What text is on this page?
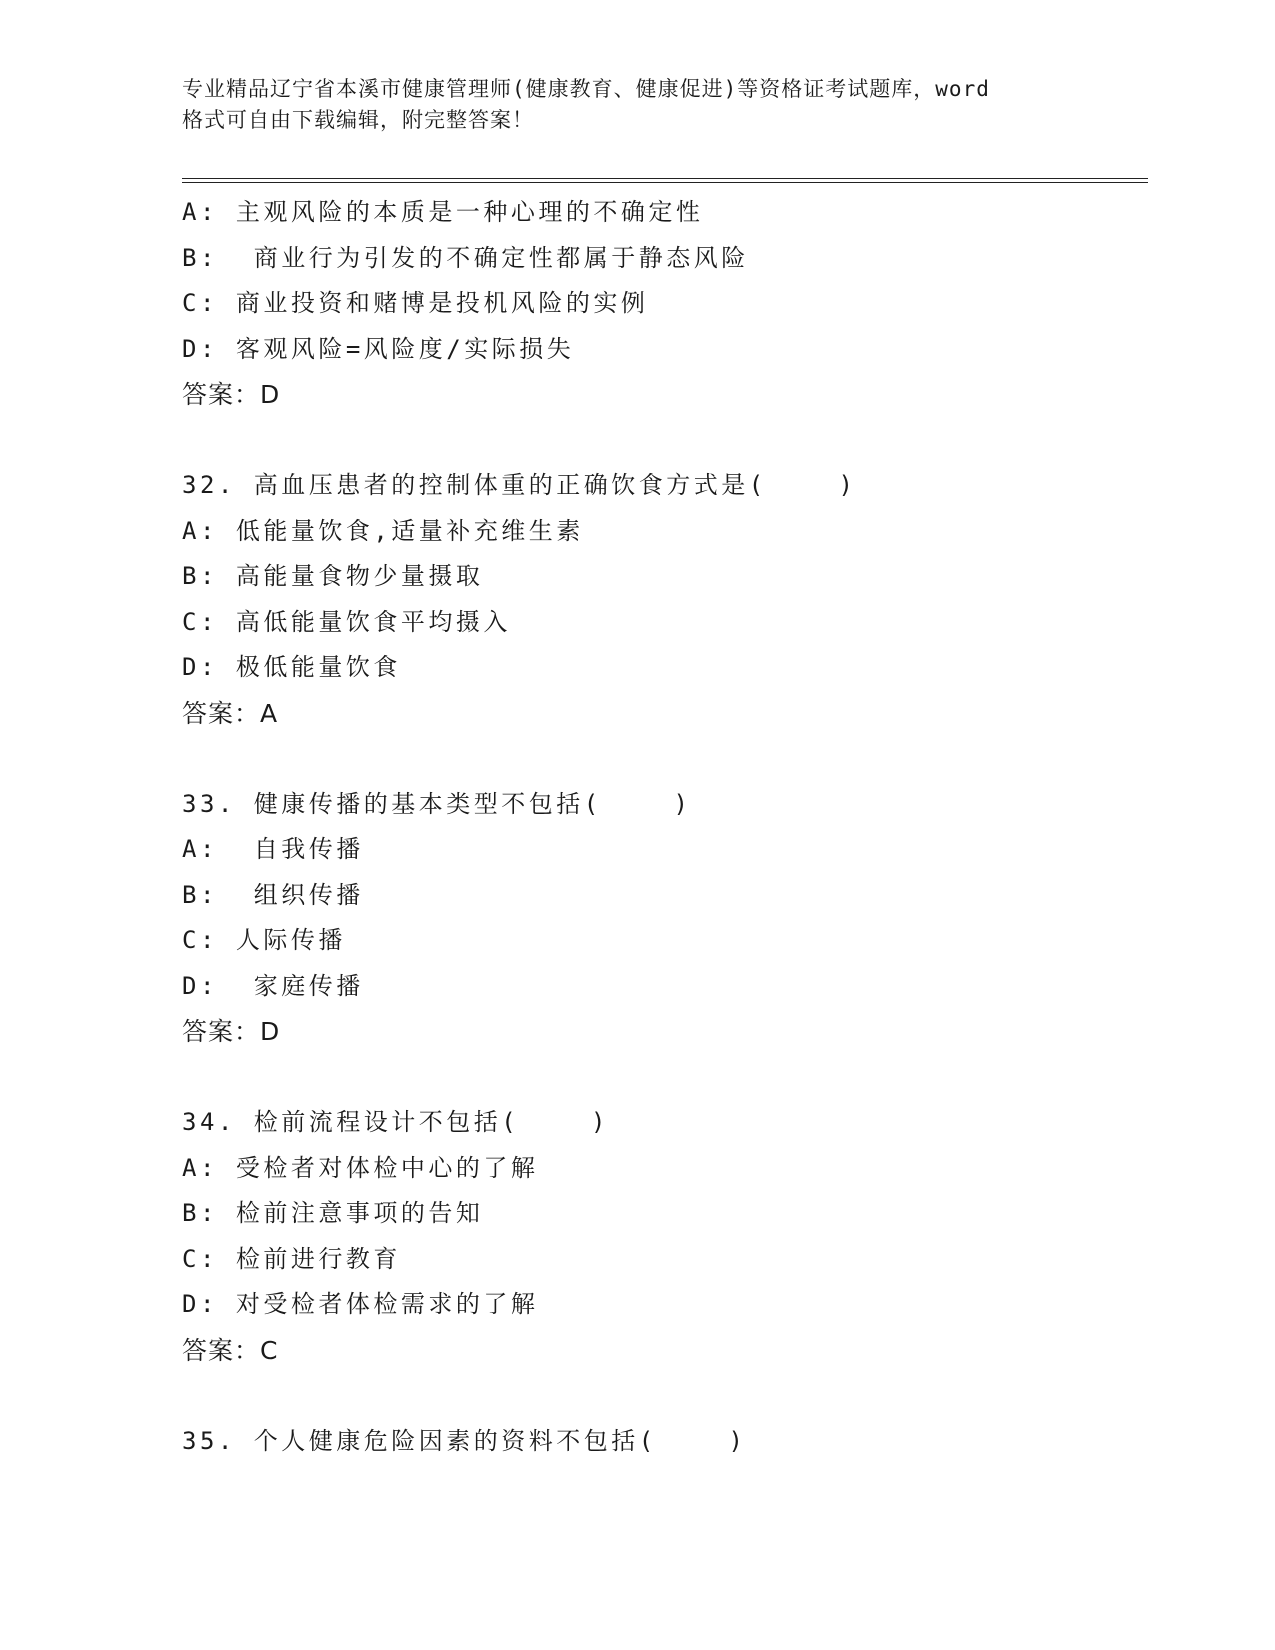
专业精品辽宁省本溪市健康管理师(健康教育、健康促进)等资格证考试题库，word
格式可自由下载编辑，附完整答案！
A: 主观风险的本质是一种心理的不确定性
B:  商业行为引发的不确定性都属于静态风险
C: 商业投资和赌博是投机风险的实例
D: 客观风险=风险度/实际损失
答案：D
32. 高血压患者的控制体重的正确饮食方式是(    )
A: 低能量饮食,适量补充维生素
B: 高能量食物少量摄取
C: 高低能量饮食平均摄入
D: 极低能量饮食
答案：A
33. 健康传播的基本类型不包括(    )
A:  自我传播
B:  组织传播
C: 人际传播
D:  家庭传播
答案：D
34. 检前流程设计不包括(    )
A: 受检者对体检中心的了解
B: 检前注意事项的告知
C: 检前进行教育
D: 对受检者体检需求的了解
答案：C
35. 个人健康危险因素的资料不包括(    )
